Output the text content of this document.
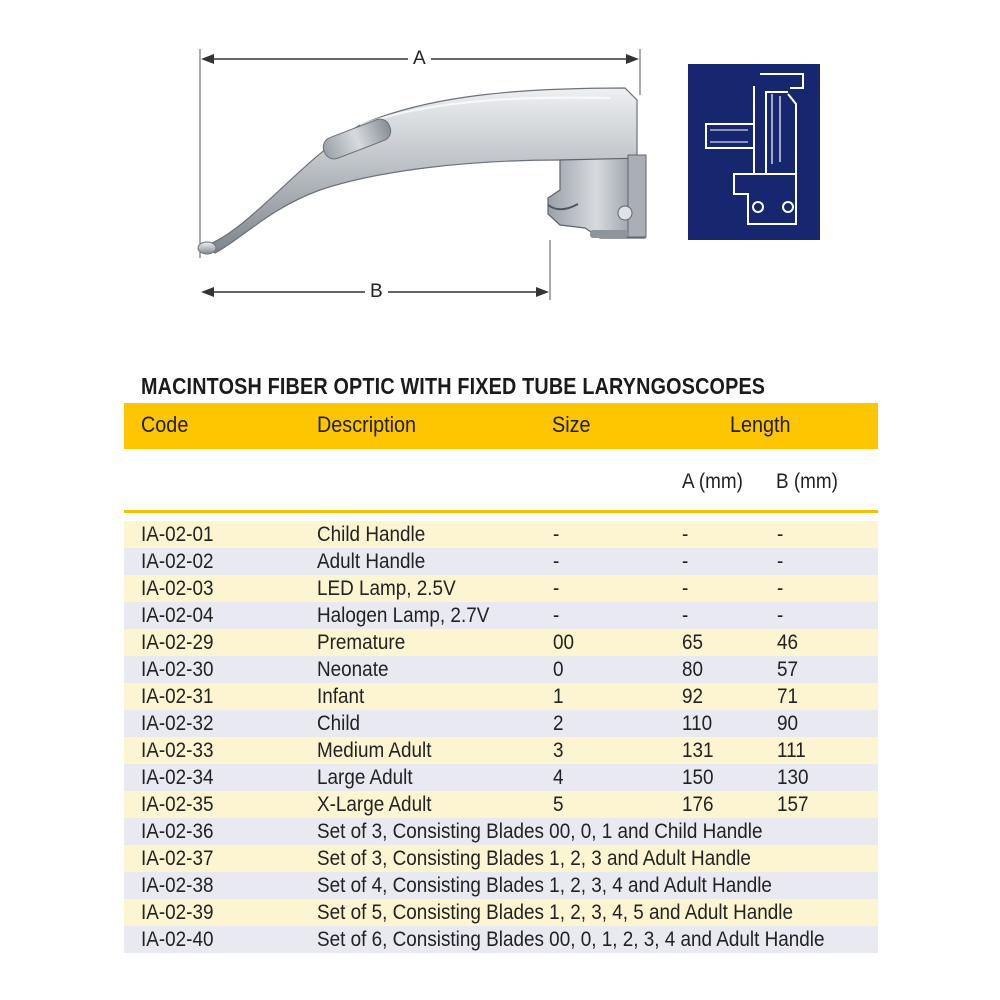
A
B
MACINTOSH FIBER OPTIC WITH FIXED TUBE LARYNGOSCOPES
Code	Description	Size	Length
A (mm) B (mm)
IA-02-01	Child Handle	-	-	-
IA-02-02	Adult Handle	-	-	-
IA-02-03	LED Lamp, 2.5V	-	-	-
IA-02-04	Halogen Lamp, 2.7V	-	-	-
IA-02-29	Premature	00	65	46
IA-02-30	Neonate	0	80	57
IA-02-31	Infant	1	92	71
IA-02-32	Child	2	110	90
IA-02-33	Medium Adult	3	131	111
IA-02-34	Large Adult	4	150	130
IA-02-35	X-Large Adult	5	176	157
IA-02-36	Set of 3, Consisting Blades 00, 0, 1 and Child Handle
IA-02-37	Set of 3, Consisting Blades 1, 2, 3 and Adult Handle
IA-02-38	Set of 4, Consisting Blades 1, 2, 3, 4 and Adult Handle
IA-02-39	Set of 5, Consisting Blades 1, 2, 3, 4, 5 and Adult Handle
IA-02-40	Set of 6, Consisting Blades 00, 0, 1, 2, 3, 4 and Adult Handle
